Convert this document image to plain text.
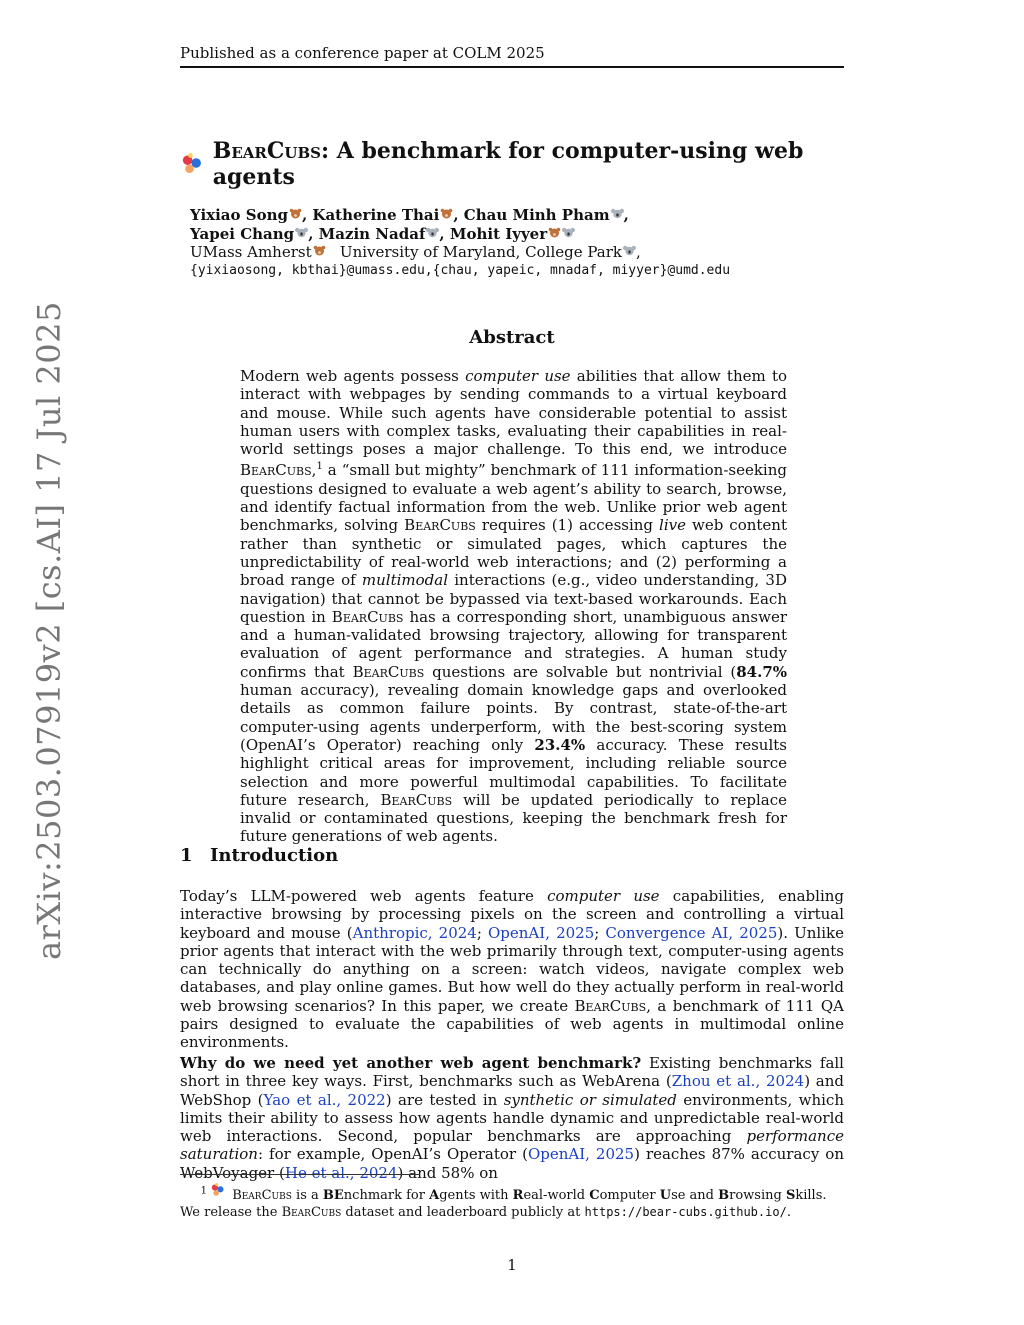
Published as a conference paper at COLM 2025
arXiv:2503.07919v2 [cs.AI] 17 Jul 2025
BearCubs: A benchmark for computer-using web agents
Yixiao Song , Katherine Thai , Chau Minh Pham ,
Yapei Chang , Mazin Nadaf , Mohit Iyyer
UMass Amherst University of Maryland, College Park ,
{yixiaosong, kbthai}@umass.edu,{chau, yapeic, mnadaf, miyyer}@umd.edu
Abstract
Modern web agents possess computer use abilities that allow them to interact with webpages by sending commands to a virtual keyboard and mouse. While such agents have considerable potential to assist human users with complex tasks, evaluating their capabilities in real-world settings poses a major challenge. To this end, we introduce BearCubs,$^1$ a “small but mighty” benchmark of 111 information-seeking questions designed to evaluate a web agent’s ability to search, browse, and identify factual information from the web. Unlike prior web agent benchmarks, solving BearCubs requires (1) accessing live web content rather than synthetic or simulated pages, which captures the unpredictability of real-world web interactions; and (2) performing a broad range of multimodal interactions (e.g., video understanding, 3D navigation) that cannot be bypassed via text-based workarounds. Each question in BearCubs has a corresponding short, unambiguous answer and a human-validated browsing trajectory, allowing for transparent evaluation of agent performance and strategies. A human study confirms that BearCubs questions are solvable but nontrivial (84.7% human accuracy), revealing domain knowledge gaps and overlooked details as common failure points. By contrast, state-of-the-art computer-using agents underperform, with the best-scoring system (OpenAI’s Operator) reaching only 23.4% accuracy. These results highlight critical areas for improvement, including reliable source selection and more powerful multimodal capabilities. To facilitate future research, BearCubs will be updated periodically to replace invalid or contaminated questions, keeping the benchmark fresh for future generations of web agents.
1 Introduction
Today’s LLM-powered web agents feature computer use capabilities, enabling interactive browsing by processing pixels on the screen and controlling a virtual keyboard and mouse (Anthropic, 2024; OpenAI, 2025; Convergence AI, 2025). Unlike prior agents that interact with the web primarily through text, computer-using agents can technically do anything on a screen: watch videos, navigate complex web databases, and play online games. But how well do they actually perform in real-world web browsing scenarios? In this paper, we create BearCubs, a benchmark of 111 QA pairs designed to evaluate the capabilities of web agents in multimodal online environments.
Why do we need yet another web agent benchmark? Existing benchmarks fall short in three key ways. First, benchmarks such as WebArena (Zhou et al., 2024) and WebShop (Yao et al., 2022) are tested in synthetic or simulated environments, which limits their ability to assess how agents handle dynamic and unpredictable real-world web interactions. Second, popular benchmarks are approaching performance saturation: for example, OpenAI’s Operator (OpenAI, 2025) reaches 87% accuracy on WebVoyager (He et al., 2024) and 58% on
$^1$ BearCubs is a BEnchmark for Agents with Real-world Computer Use and Browsing Skills.
We release the BearCubs dataset and leaderboard publicly at https://bear-cubs.github.io/.
1
